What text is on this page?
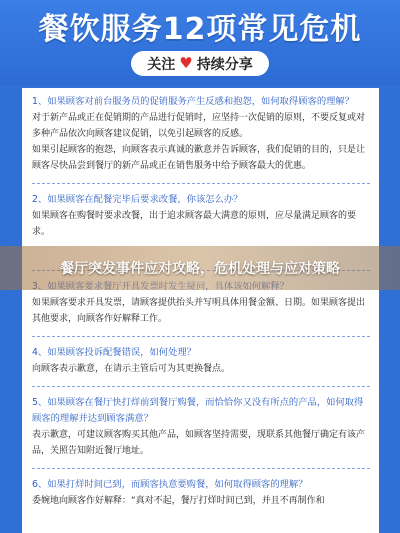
餐饮服务12项常见危机
关注 ♥ 持续分享

1、如果顾客对前台服务员的促销服务产生反感和抱怨，如何取得顾客的理解？

对于新产品或正在促销期的产品进行促销时，应坚持一次促销的原则，不要反复或对多种产品依次向顾客建议促销，以免引起顾客的反感。
如果引起顾客的抱怨，向顾客表示真诚的歉意并告诉顾客，我们促销的目的，只是让顾客尽快品尝到餐厅的新产品或正在销售服务中给予顾客最大的优惠。

2、如果顾客在配餐完毕后要求改餐，你该怎么办？

如果顾客在购餐时要求改餐，出于追求顾客最大满意的原则，应尽量满足顾客的要求。

如果顾客要求开具发票，请顾客提供抬头并写明具体用餐金额、日期。如果顾客提出其他要求，向顾客作好解释工作。

4、如果顾客投诉配餐错误，如何处理？

向顾客表示歉意，在请示主管后可为其更换餐点。

5、如果顾客在餐厅快打烊前到餐厅购餐，而恰恰你又没有所点的产品，如何取得顾客的理解并达到顾客满意？

表示歉意，可建议顾客购买其他产品，如顾客坚持需要，现联系其他餐厅确定有该产品，关照告知附近餐厅地址。

6、如果打烊时间已到，而顾客执意要购餐，如何取得顾客的理解？

委婉地向顾客作好解释：“真对不起，餐厅打烊时间已到，并且不再制作和

餐厅突发事件应对攻略，危机处理与应对策略
